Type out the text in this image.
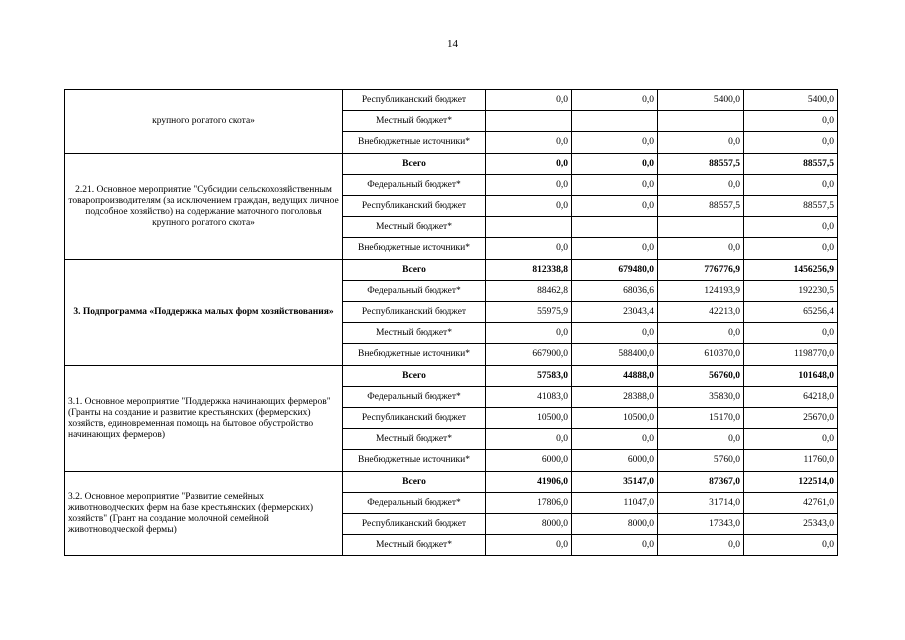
14
крупного рогатого скота»	Республиканский бюджет	0,0	0,0	5400,0	5400,0
	Местный бюджет*				0,0
	Внебюджетные источники*	0,0	0,0	0,0	0,0
2.21. Основное мероприятие "Субсидии сельскохозяйственным товаропроизводителям (за исключением граждан, ведущих личное подсобное хозяйство) на содержание маточного поголовья крупного рогатого скота»	Всего	0,0	0,0	88557,5	88557,5
	Федеральный бюджет*	0,0	0,0	0,0	0,0
	Республиканский бюджет	0,0	0,0	88557,5	88557,5
	Местный бюджет*				0,0
	Внебюджетные источники*	0,0	0,0	0,0	0,0
3. Подпрограмма «Поддержка малых форм хозяйствования»	Всего	812338,8	679480,0	776776,9	1456256,9
	Федеральный бюджет*	88462,8	68036,6	124193,9	192230,5
	Республиканский бюджет	55975,9	23043,4	42213,0	65256,4
	Местный бюджет*	0,0	0,0	0,0	0,0
	Внебюджетные источники*	667900,0	588400,0	610370,0	1198770,0
3.1. Основное мероприятие "Поддержка начинающих фермеров" (Гранты на создание и развитие крестьянских (фермерских) хозяйств, единовременная помощь на бытовое обустройство начинающих фермеров)	Всего	57583,0	44888,0	56760,0	101648,0
	Федеральный бюджет*	41083,0	28388,0	35830,0	64218,0
	Республиканский бюджет	10500,0	10500,0	15170,0	25670,0
	Местный бюджет*	0,0	0,0	0,0	0,0
	Внебюджетные источники*	6000,0	6000,0	5760,0	11760,0
3.2. Основное мероприятие "Развитие семейных животноводческих ферм на базе крестьянских (фермерских) хозяйств" (Грант на создание молочной семейной животноводческой фермы)	Всего	41906,0	35147,0	87367,0	122514,0
	Федеральный бюджет*	17806,0	11047,0	31714,0	42761,0
	Республиканский бюджет	8000,0	8000,0	17343,0	25343,0
	Местный бюджет*	0,0	0,0	0,0	0,0
